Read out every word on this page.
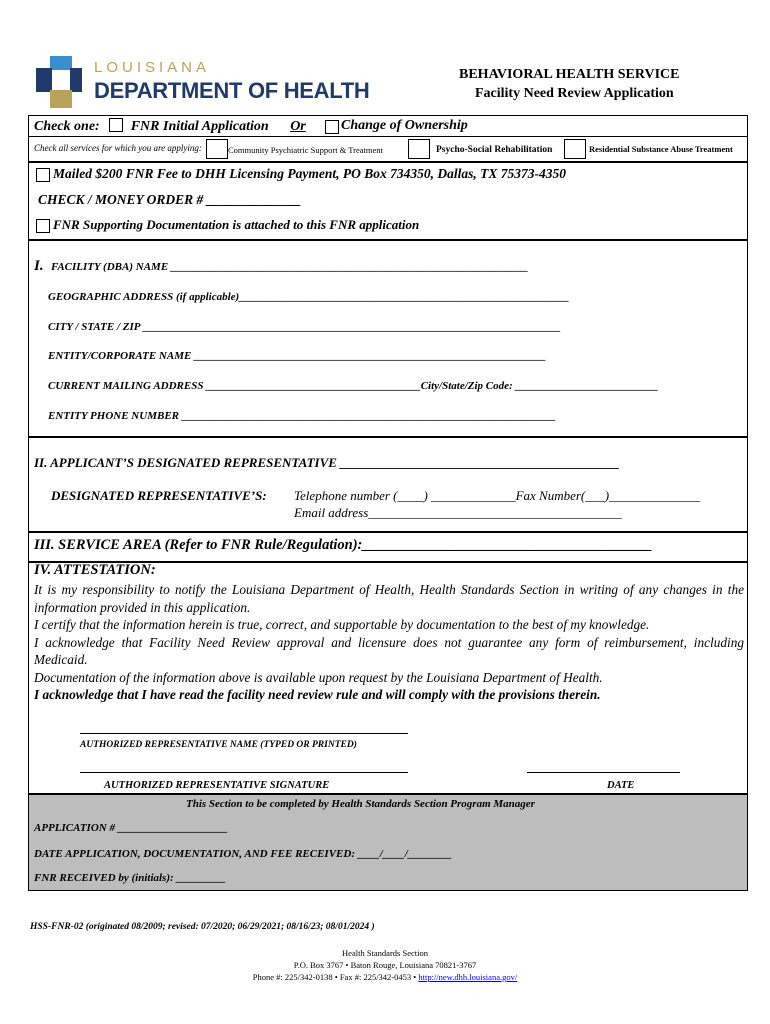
LOUISIANA
DEPARTMENT OF HEALTH
BEHAVIORAL HEALTH SERVICE
Facility Need Review Application
Check one: FNR Initial Application Or	Change of Ownership
Check all services for which you are applying:	Community Psychiatric Support & Treatment	Psycho-Social Rehabilitation	Residential Substance Abuse Treatment
Mailed $200 FNR Fee to DHH Licensing Payment, PO Box 734350, Dallas, TX 75373-4350
CHECK / MONEY ORDER # ______________
FNR Supporting Documentation is attached to this FNR application
I. FACILITY (DBA) NAME _________________________________________________________________
GEOGRAPHIC ADDRESS (if applicable)____________________________________________________________
CITY / STATE / ZIP ____________________________________________________________________________
ENTITY/CORPORATE NAME ________________________________________________________________
CURRENT MAILING ADDRESS _______________________________________City/State/Zip Code: __________________________
ENTITY PHONE NUMBER ____________________________________________________________________
II. APPLICANT’S DESIGNATED REPRESENTATIVE ___________________________________________
DESIGNATED REPRESENTATIVE’S: Telephone number (____) _____________Fax Number(___)______________
Email address_______________________________________
III. SERVICE AREA (Refer to FNR Rule/Regulation):________________________________________
IV. ATTESTATION:
It is my responsibility to notify the Louisiana Department of Health, Health Standards Section in writing of any changes in the information provided in this application.
I certify that the information herein is true, correct, and supportable by documentation to the best of my knowledge.
I acknowledge that Facility Need Review approval and licensure does not guarantee any form of reimbursement, including Medicaid.
Documentation of the information above is available upon request by the Louisiana Department of Health.
I acknowledge that I have read the facility need review rule and will comply with the provisions therein.
AUTHORIZED REPRESENTATIVE NAME (TYPED OR PRINTED)
AUTHORIZED REPRESENTATIVE SIGNATURE	DATE
This Section to be completed by Health Standards Section Program Manager
APPLICATION # ____________________
DATE APPLICATION, DOCUMENTATION, AND FEE RECEIVED: ____/____/________
FNR RECEIVED by (initials): _________
HSS-FNR-02 (originated 08/2009; revised: 07/2020; 06/29/2021; 08/16/23; 08/01/2024 )
Health Standards Section
P.O. Box 3767 • Baton Rouge, Louisiana 70821-3767
Phone #: 225/342-0138 • Fax #: 225/342-0453 • http://new.dhh.louisiana.gov/
